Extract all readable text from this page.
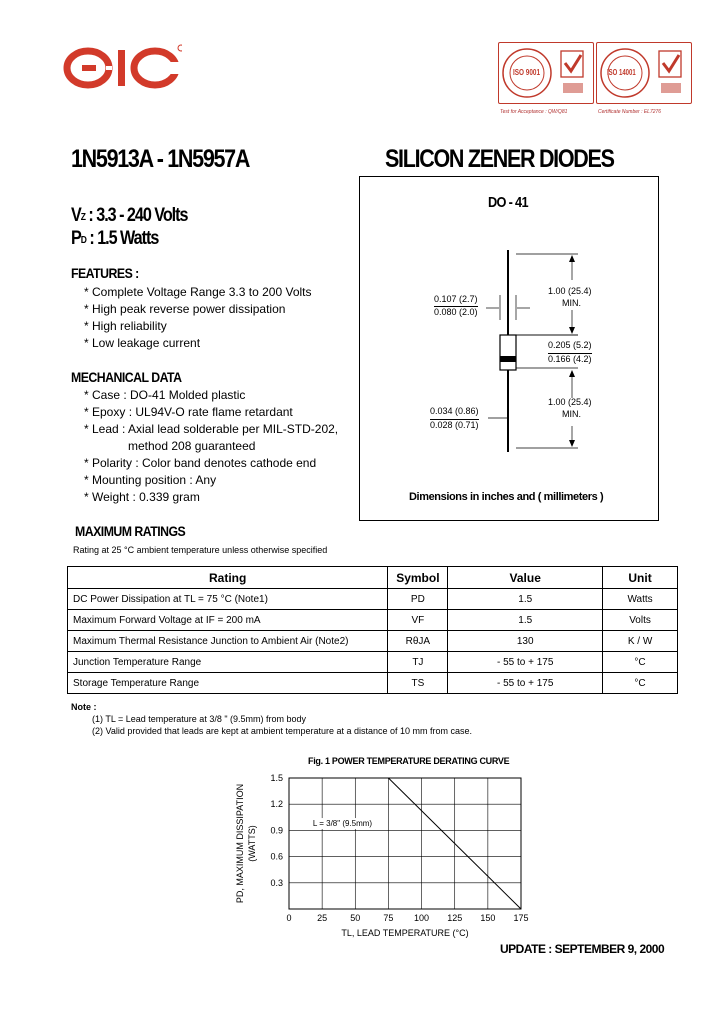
ISO 9001	ISO 14001
Test for Acceptance : QW/Q81	Certificate Number : EL7276
1N5913A - 1N5957A	SILICON ZENER DIODES
$V_Z$ : 3.3 - 240 Volts
$P_D$ : 1.5 Watts
FEATURES :
* Complete Voltage Range 3.3 to 200 Volts
* High peak reverse power dissipation
* High reliability
* Low leakage current
MECHANICAL DATA
* Case : DO-41 Molded plastic
* Epoxy : UL94V-O rate flame retardant
* Lead : Axial lead solderable per MIL-STD-202,
method 208 guaranteed
* Polarity : Color band denotes cathode end
* Mounting position : Any
* Weight : 0.339 gram
DO - 41
0.107 (2.7)
0.080 (2.0)
1.00 (25.4)
MIN.
0.205 (5.2)
0.166 (4.2)
0.034 (0.86)
0.028 (0.71)
1.00 (25.4)
MIN.
Dimensions in inches and ( millimeters )
MAXIMUM RATINGS
Rating at 25 °C ambient temperature unless otherwise specified
Rating	Symbol	Value	Unit
DC Power Dissipation at TL = 75 °C (Note1)	PD	1.5	Watts
Maximum Forward Voltage at IF = 200 mA	VF	1.5	Volts
Maximum Thermal Resistance Junction to Ambient Air (Note2)	RθJA	130	K / W
Junction Temperature Range	TJ	- 55 to + 175	°C
Storage Temperature Range	TS	- 55 to + 175	°C
Note :
(1) TL = Lead temperature at 3/8 " (9.5mm) from body
(2) Valid provided that leads are kept at ambient temperature at a distance of 10 mm from case.
Fig. 1 POWER TEMPERATURE DERATING CURVE
0	25	50	75 100 125 150 175
0.3
0.6
0.9
1.2
1.5
L = 3/8" (9.5mm)
TL, LEAD TEMPERATURE (°C)
PD, MAXIMUM DISSIPATION (WATTS)
UPDATE : SEPTEMBER 9, 2000
